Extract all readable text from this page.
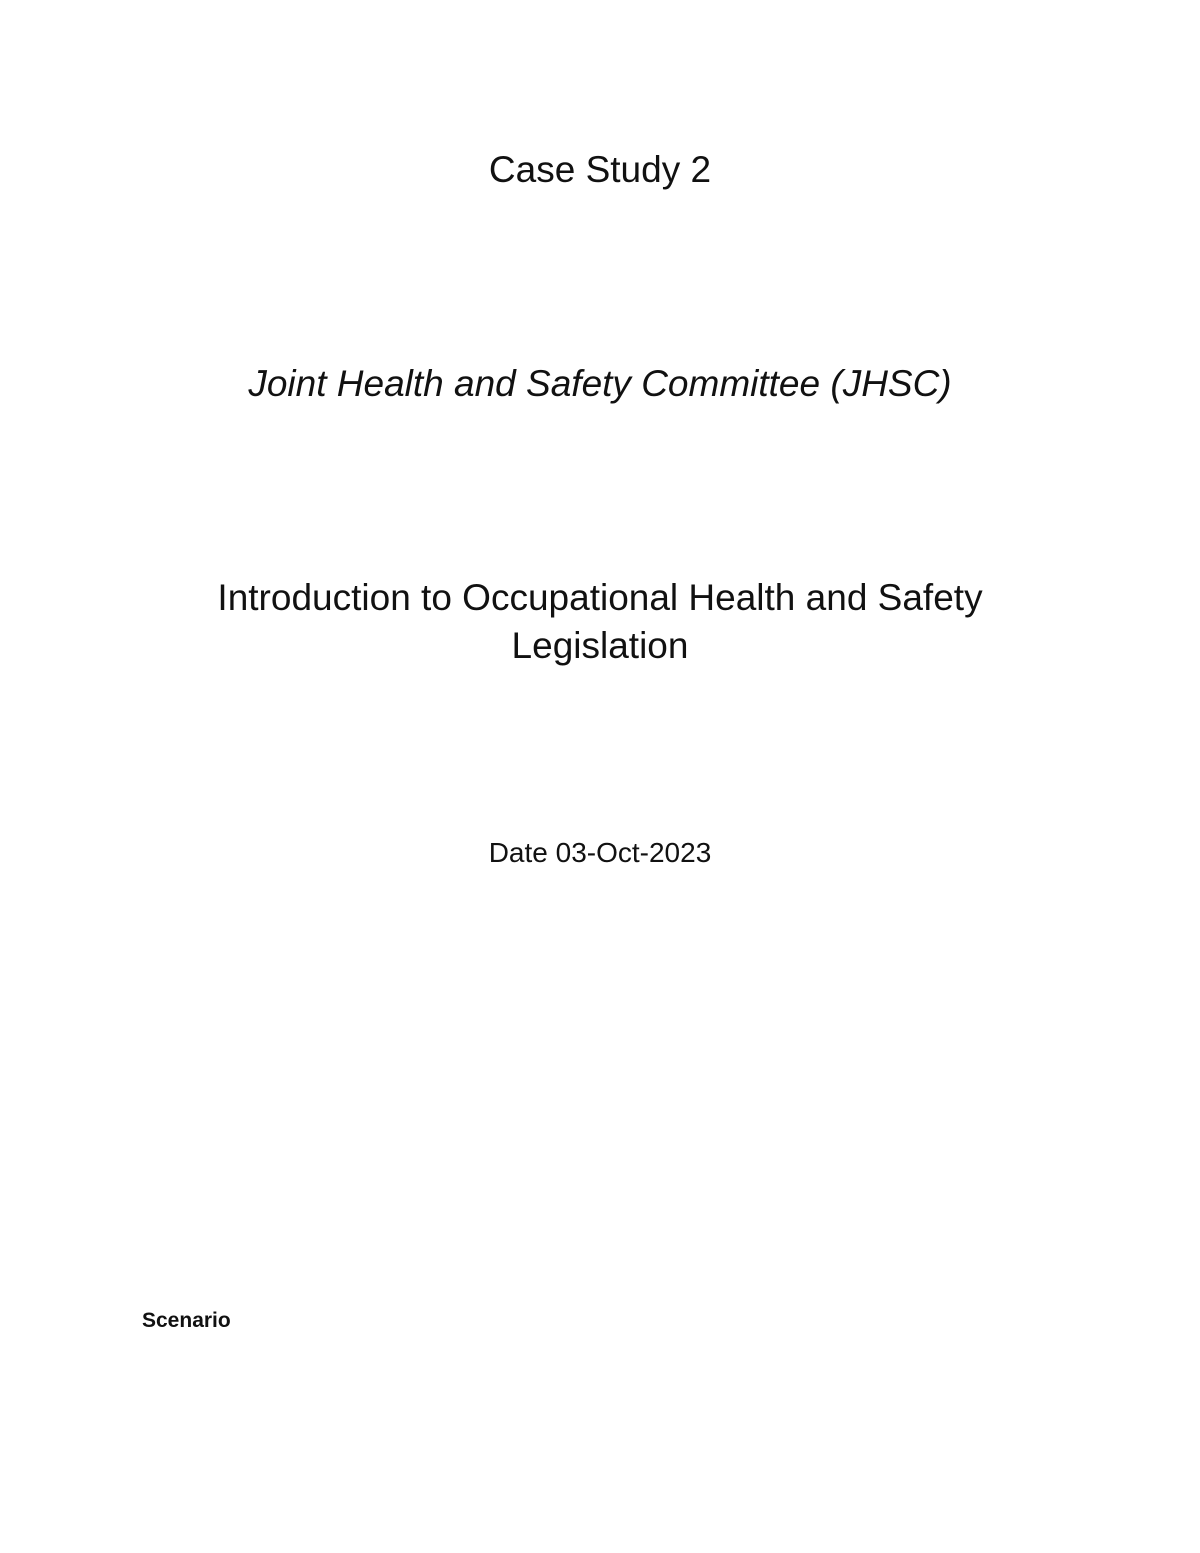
Case Study 2
Joint Health and Safety Committee (JHSC)
Introduction to Occupational Health and Safety
Legislation

Date 03-Oct-2023

Scenario
